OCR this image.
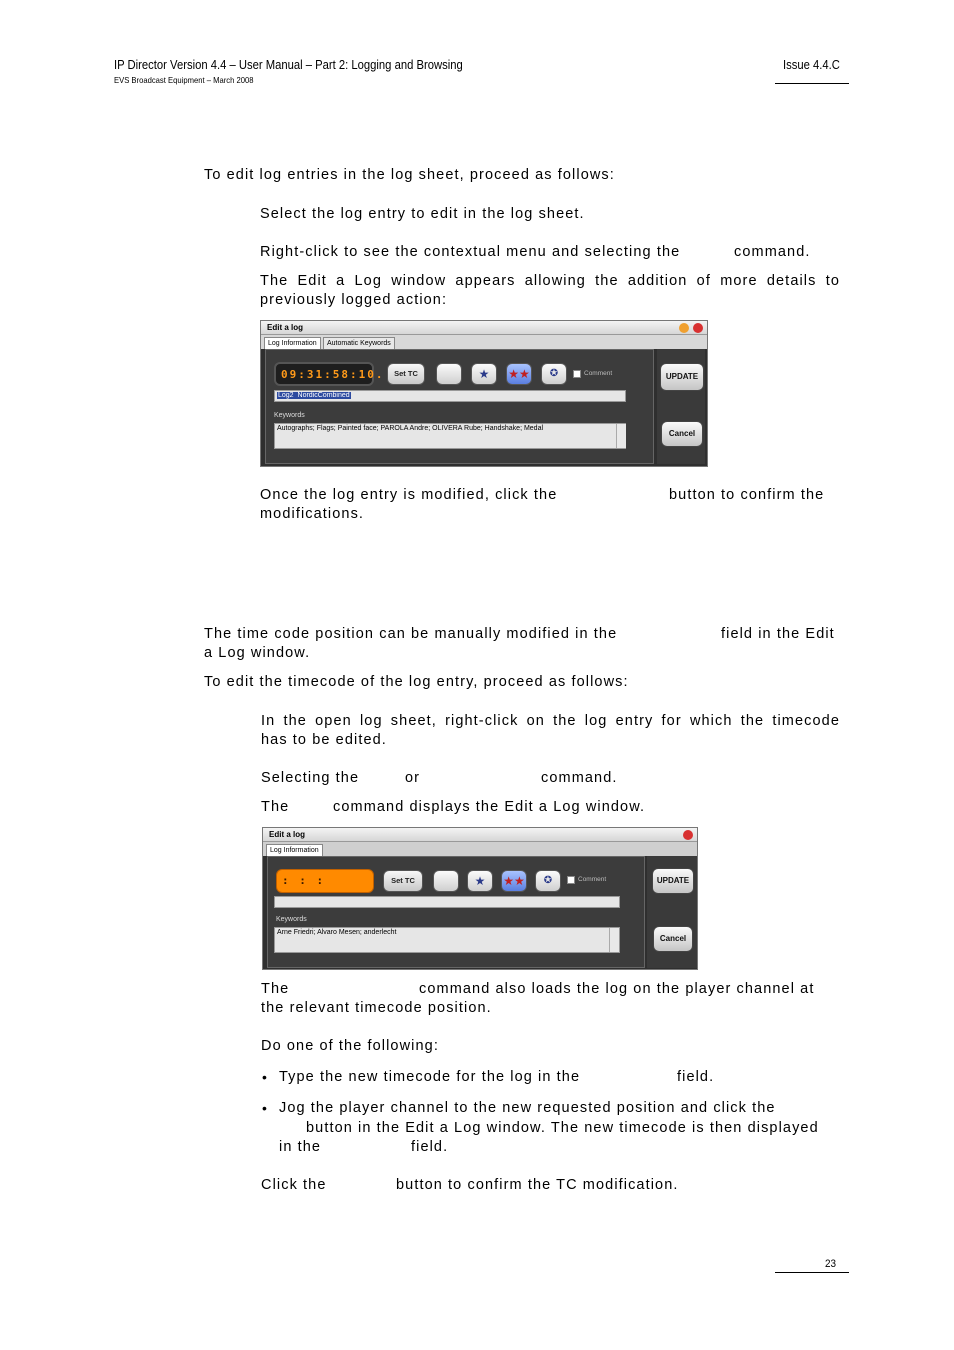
IP Director Version 4.4 – User Manual – Part 2: Logging and Browsing
EVS Broadcast Equipment – March 2008
Issue 4.4.C
To edit log entries in the log sheet, proceed as follows:
Select the log entry to edit in the log sheet.
Right-click to see the contextual menu and selecting the	command.
The Edit a Log window appears allowing the addition of more details to
previously logged action:
Edit a log
Log Information	Automatic Keywords
09:31:58:10.	Set TC	★	★★	✪	Comment
Log2 NordicCombined
Keywords
Autographs; Flags; Painted face; PAROLA Andre; OLIVERA Rube; Handshake; Medal
UPDATE
Cancel
Once the log entry is modified, click the	button to confirm the
modifications.
The time code position can be manually modified in the	field in the Edit
a Log window.
To edit the timecode of the log entry, proceed as follows:
In the open log sheet, right-click on the log entry for which the timecode
has to be edited.
Selecting the	or	command.
The	command displays the Edit a Log window.
Edit a log
Log Information
: : :	Set TC	★	★★	✪	Comment
Keywords
Arne Friedri; Alvaro Mesen; anderlecht
UPDATE
Cancel
The	command also loads the log on the player channel at
the relevant timecode position.
Do one of the following:
• Type the new timecode for the log in the	field.
• Jog the player channel to the new requested position and click the
button in the Edit a Log window. The new timecode is then displayed
in the	field.
Click the	button to confirm the TC modification.
23
